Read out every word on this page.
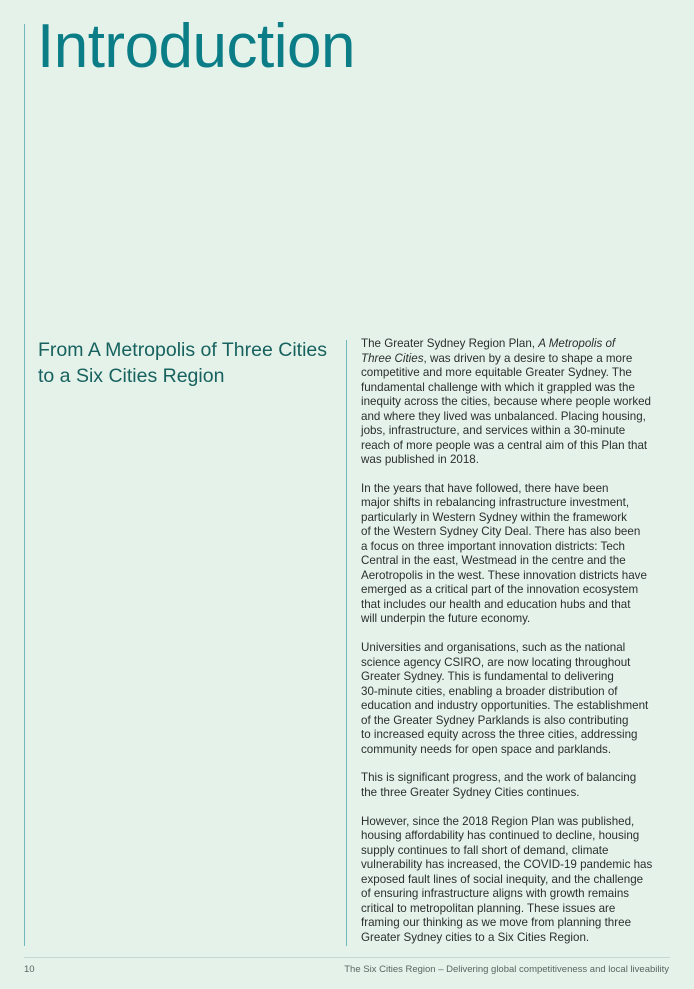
Introduction
From A Metropolis of Three Cities to a Six Cities Region

The Greater Sydney Region Plan, A Metropolis of
Three Cities, was driven by a desire to shape a more
competitive and more equitable Greater Sydney. The
fundamental challenge with which it grappled was the
inequity across the cities, because where people worked
and where they lived was unbalanced. Placing housing,
jobs, infrastructure, and services within a 30-minute
reach of more people was a central aim of this Plan that
was published in 2018.

In the years that have followed, there have been
major shifts in rebalancing infrastructure investment,
particularly in Western Sydney within the framework
of the Western Sydney City Deal. There has also been
a focus on three important innovation districts: Tech
Central in the east, Westmead in the centre and the
Aerotropolis in the west. These innovation districts have
emerged as a critical part of the innovation ecosystem
that includes our health and education hubs and that
will underpin the future economy.

Universities and organisations, such as the national
science agency CSIRO, are now locating throughout
Greater Sydney. This is fundamental to delivering
30-minute cities, enabling a broader distribution of
education and industry opportunities. The establishment
of the Greater Sydney Parklands is also contributing
to increased equity across the three cities, addressing
community needs for open space and parklands.

This is significant progress, and the work of balancing
the three Greater Sydney Cities continues.

However, since the 2018 Region Plan was published,
housing affordability has continued to decline, housing
supply continues to fall short of demand, climate
vulnerability has increased, the COVID-19 pandemic has
exposed fault lines of social inequity, and the challenge
of ensuring infrastructure aligns with growth remains
critical to metropolitan planning. These issues are
framing our thinking as we move from planning three
Greater Sydney cities to a Six Cities Region.

10	The Six Cities Region – Delivering global competitiveness and local liveability
